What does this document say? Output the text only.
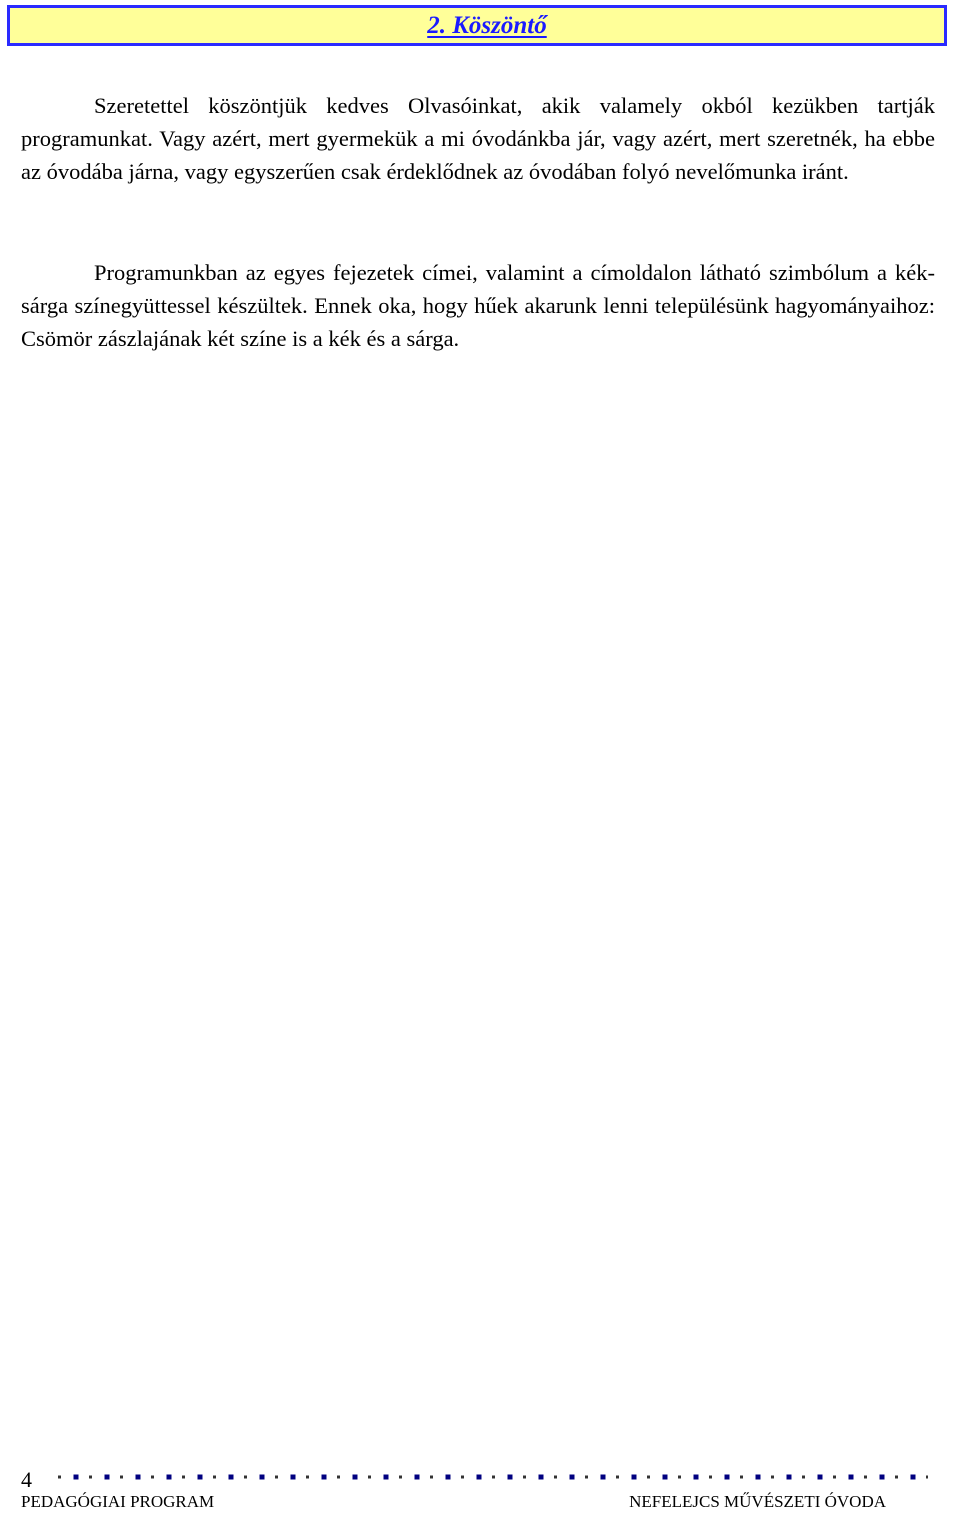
2. Köszöntő

Szeretettel köszöntjük kedves Olvasóinkat, akik valamely okból kezükben tartják programunkat. Vagy azért, mert gyermekük a mi óvodánkba jár, vagy azért, mert szeretnék, ha ebbe az óvodába járna, vagy egyszerűen csak érdeklődnek az óvodában folyó nevelőmunka iránt.

Programunkban az egyes fejezetek címei, valamint a címoldalon látható szimbólum a kék-sárga színegyüttessel készültek. Ennek oka, hogy hűek akarunk lenni településünk hagyományaihoz: Csömör zászlajának két színe is a kék és a sárga.

4
PEDAGÓGIAI PROGRAM	NEFELEJCS MŰVÉSZETI ÓVODA
